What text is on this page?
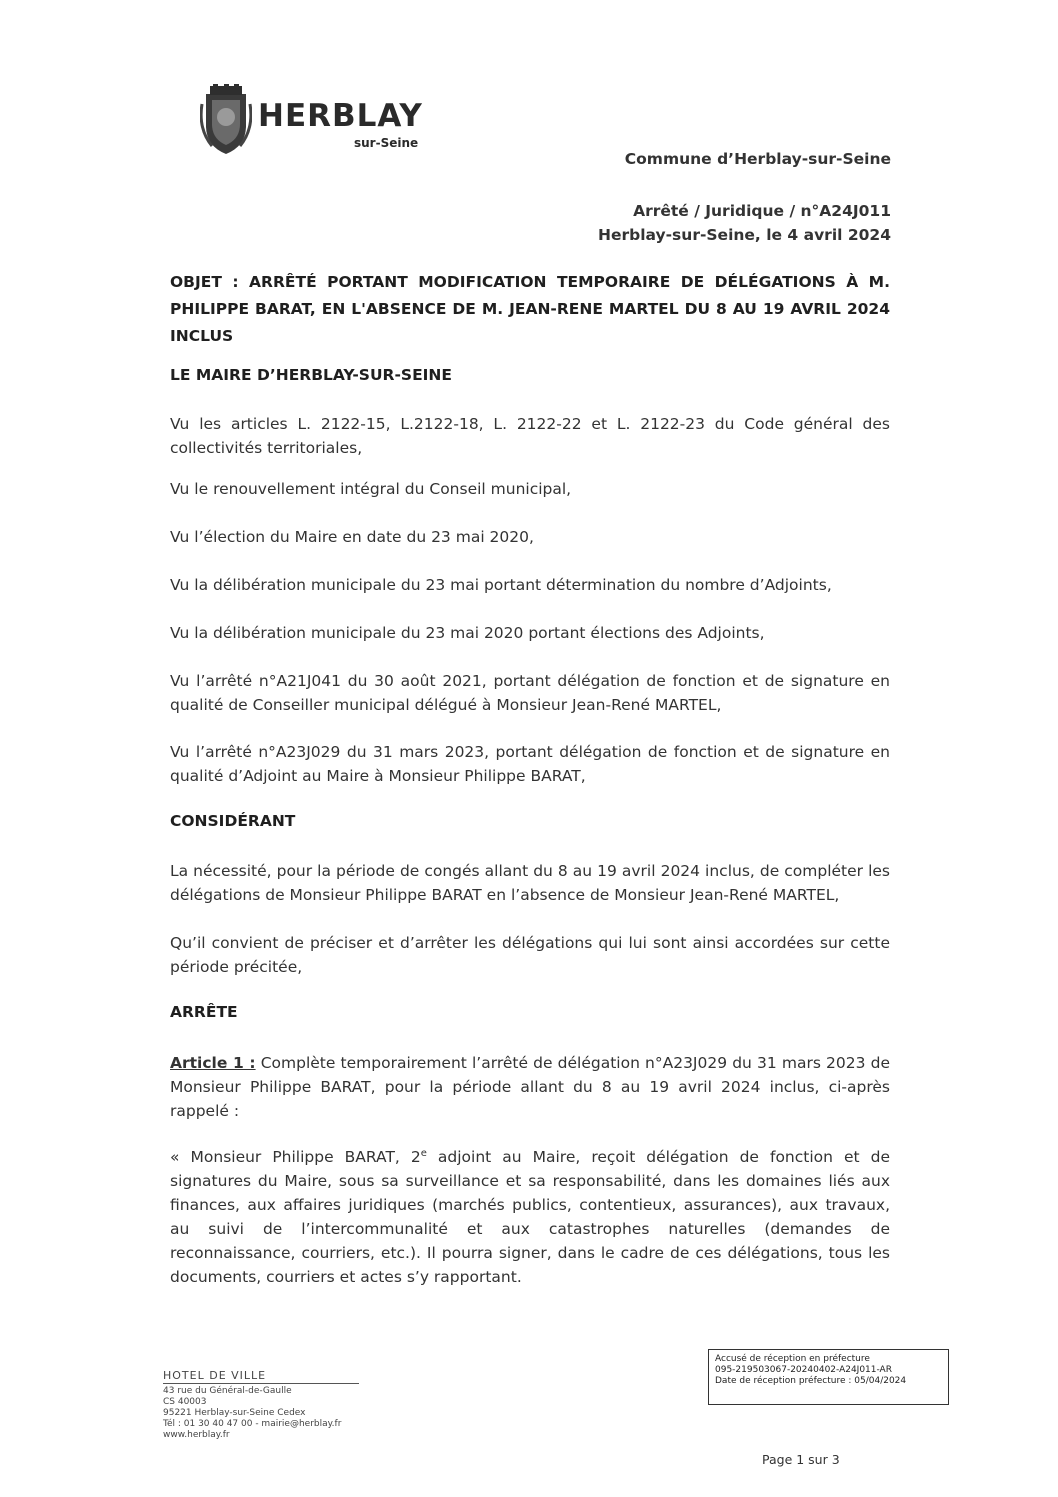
HERBLAY
sur-Seine
Commune d’Herblay-sur-Seine
Arrêté / Juridique / n°A24J011
Herblay-sur-Seine, le 4 avril 2024
OBJET : ARRÊTÉ PORTANT MODIFICATION TEMPORAIRE DE DÉLÉGATIONS À M. PHILIPPE BARAT, EN L'ABSENCE DE M. JEAN-RENE MARTEL DU 8 AU 19 AVRIL 2024 INCLUS
LE MAIRE D’HERBLAY-SUR-SEINE
Vu les articles L. 2122-15, L.2122-18, L. 2122-22 et L. 2122-23 du Code général des collectivités territoriales,
Vu le renouvellement intégral du Conseil municipal,
Vu l’élection du Maire en date du 23 mai 2020,
Vu la délibération municipale du 23 mai portant détermination du nombre d’Adjoints,
Vu la délibération municipale du 23 mai 2020 portant élections des Adjoints,
Vu l’arrêté n°A21J041 du 30 août 2021, portant délégation de fonction et de signature en qualité de Conseiller municipal délégué à Monsieur Jean-René MARTEL,
Vu l’arrêté n°A23J029 du 31 mars 2023, portant délégation de fonction et de signature en qualité d’Adjoint au Maire à Monsieur Philippe BARAT,
CONSIDÉRANT
La nécessité, pour la période de congés allant du 8 au 19 avril 2024 inclus, de compléter les délégations de Monsieur Philippe BARAT en l’absence de Monsieur Jean-René MARTEL,
Qu’il convient de préciser et d’arrêter les délégations qui lui sont ainsi accordées sur cette période précitée,
ARRÊTE
Article 1 : Complète temporairement l’arrêté de délégation n°A23J029 du 31 mars 2023 de Monsieur Philippe BARAT, pour la période allant du 8 au 19 avril 2024 inclus, ci-après rappelé :
« Monsieur Philippe BARAT, 2e adjoint au Maire, reçoit délégation de fonction et de signatures du Maire, sous sa surveillance et sa responsabilité, dans les domaines liés aux finances, aux affaires juridiques (marchés publics, contentieux, assurances), aux travaux, au suivi de l’intercommunalité et aux catastrophes naturelles (demandes de reconnaissance, courriers, etc.). Il pourra signer, dans le cadre de ces délégations, tous les documents, courriers et actes s’y rapportant.
HOTEL DE VILLE
43 rue du Général-de-Gaulle
CS 40003
95221 Herblay-sur-Seine Cedex
Tél : 01 30 40 47 00 - mairie@herblay.fr
www.herblay.fr
Accusé de réception en préfecture
095-219503067-20240402-A24J011-AR
Date de réception préfecture : 05/04/2024
Page 1 sur 3
